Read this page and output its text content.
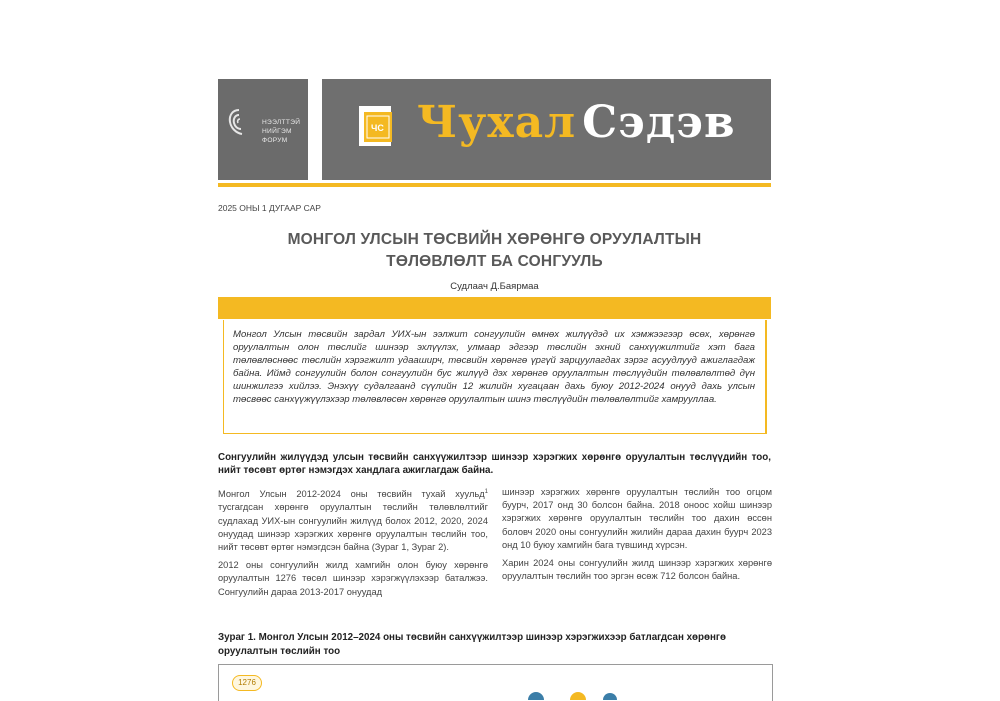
НЭЭЛТТЭЙ
НИЙГЭМ
ФОРУМ
ЧС Чухал Сэдэв
2025 ОНЫ 1 ДУГААР САР
МОНГОЛ УЛСЫН ТӨСВИЙН ХӨРӨНГӨ ОРУУЛАЛТЫН
ТӨЛӨВЛӨЛТ БА СОНГУУЛЬ
Судлаач Д.Баярмаа
Монгол Улсын төсвийн зардал УИХ-ын ээлжит сонгуулийн өмнөх жилүүдэд их хэмжээгээр өсөх, хөрөнгө оруулалтын олон төслийг шинээр эхлүүлэх, улмаар эдгээр төслийн эхний санхүүжилтийг хэт бага төлөвлөснөөс төслийн хэрэгжилт удааширч, төсвийн хөрөнгө үргүй зарцуулагдах зэрэг асуудлууд ажиглагдаж байна. Иймд сонгуулийн болон сонгуулийн бус жилүүд дэх хөрөнгө оруулалтын төслүүдийн төлөвлөлтөд дүн шинжилгээ хийлээ. Энэхүү судалгаанд сүүлийн 12 жилийн хугацаан дахь буюу 2012-2024 онууд дахь улсын төсвөөс санхүүжүүлэхээр төлөвлөсөн хөрөнгө оруулалтын шинэ төслүүдийн төлөвлөлтийг хамрууллаа.
Сонгуулийн жилүүдэд улсын төсвийн санхүүжилтээр шинээр хэрэгжих хөрөнгө оруулалтын төслүүдийн тоо, нийт төсөвт өртөг нэмэгдэх хандлага ажиглагдаж байна.

Монгол Улсын 2012-2024 оны төсвийн тухай хуульд$^1$ тусгагдсан хөрөнгө оруулалтын төслийн төлөвлөлтийг судлахад УИХ-ын сонгуулийн жилүүд болох 2012, 2020, 2024 онуудад шинээр хэрэгжих хөрөнгө оруулалтын төслийн тоо, нийт төсөвт өртөг нэмэгдсэн байна (Зураг 1, Зураг 2).

2012 оны сонгуулийн жилд хамгийн олон буюу хөрөнгө оруулалтын 1276 төсөл шинээр хэрэгжүүлэхээр баталжээ. Сонгуулийн дараа 2013-2017 онуудад

шинээр хэрэгжих хөрөнгө оруулалтын төслийн тоо огцом буурч, 2017 онд 30 болсон байна. 2018 оноос хойш шинээр хэрэгжих хөрөнгө оруулалтын төслийн тоо дахин өссөн боловч 2020 оны сонгуулийн жилийн дараа дахин буурч 2023 онд 10 буюу хамгийн бага түвшинд хүрсэн.

Харин 2024 оны сонгуулийн жилд шинээр хэрэгжих хөрөнгө оруулалтын төслийн тоо эргэн өсөж 712 болсон байна.

Зураг 1. Монгол Улсын 2012–2024 оны төсвийн санхүүжилтээр шинээр хэрэгжихээр батлагдсан хөрөнгө оруулалтын төслийн тоо
1276
